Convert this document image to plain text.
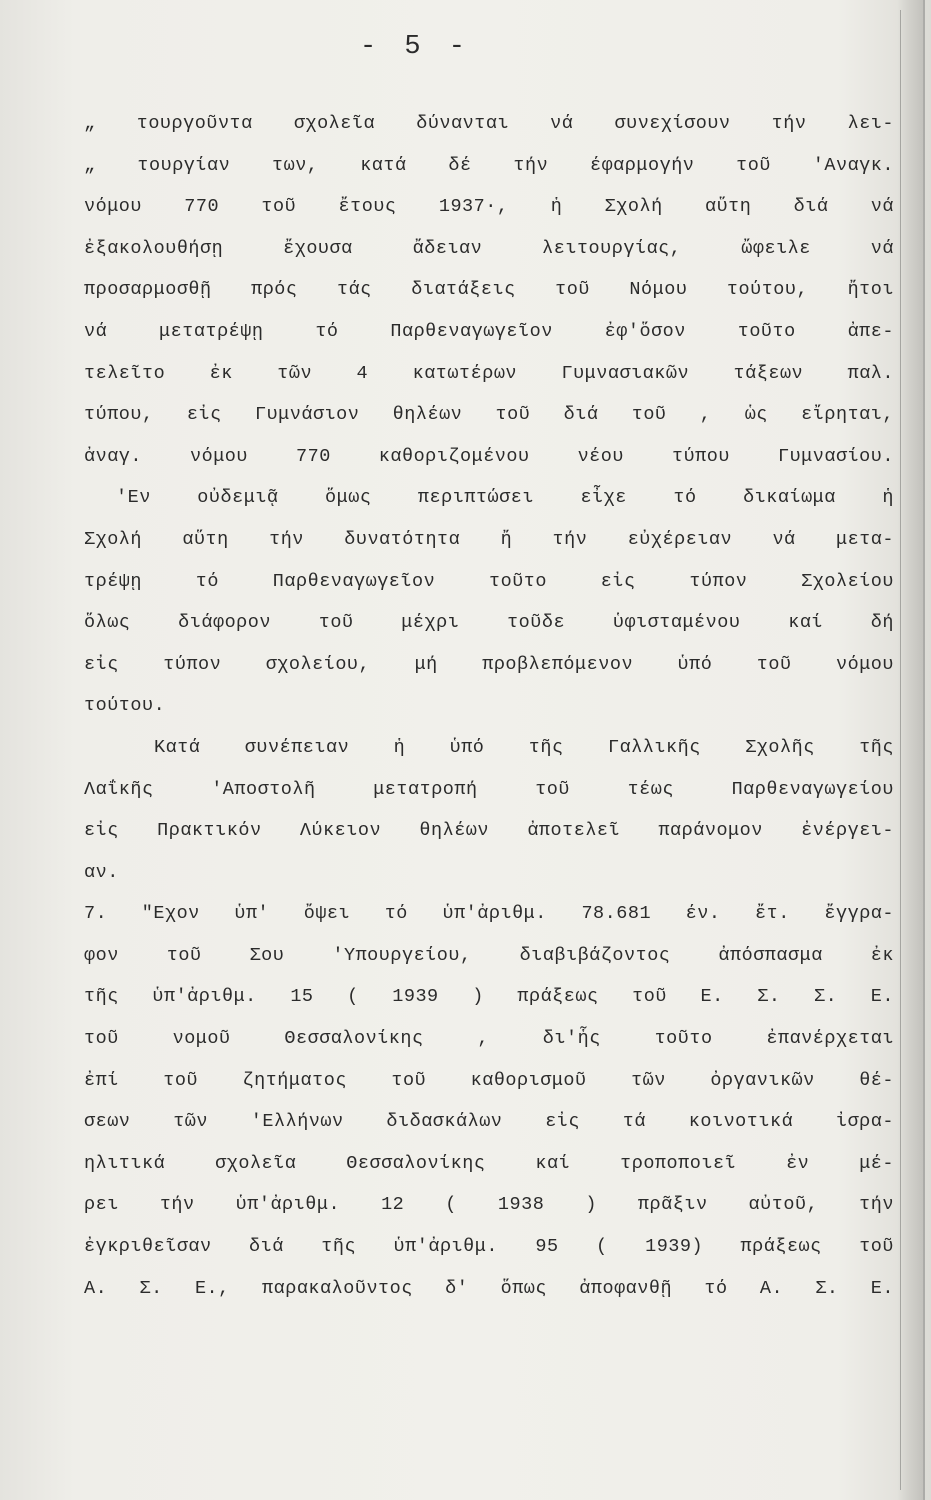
- 5 -
„ τουργοῦντα σχολεῖα δύνανται νά συνεχίσουν τήν λει-
„ τουργίαν των, κατά δέ τήν έφαρμογήν τοῦ 'Αναγκ.
νόμου 770 τοῦ ἔτους 1937·, ἡ Σχολή αὕτη διά νά
ἐξακολουθήσῃ ἔχουσα ἄδειαν λειτουργίας, ὤφειλε νά
προσαρμοσθῇ πρός τάς διατάξεις τοῦ Νόμου τούτου, ἤτοι
νά μετατρέψῃ τό Παρθεναγωγεῖον ἐφ'ὅσον τοῦτο ἀπε-
τελεῖτο ἐκ τῶν 4 κατωτέρων Γυμνασιακῶν τάξεων παλ.
τύπου, εἰς Γυμνάσιον θηλέων τοῦ διά τοῦ , ὡς εἴρηται,
ἀναγ. νόμου 770 καθοριζομένου νέου τύπου Γυμνασίου.
'Εν οὐδεμιᾷ ὅμως περιπτώσει εἶχε τό δικαίωμα ἡ
Σχολή αὕτη τήν δυνατότητα ἤ τήν εὐχέρειαν νά μετα-
τρέψῃ τό Παρθεναγωγεῖον τοῦτο εἰς τύπον Σχολείου
ὅλως διάφορον τοῦ μέχρι τοῦδε ὑφισταμένου καί δή
εἰς τύπον σχολείου, μή προβλεπόμενον ὑπό τοῦ νόμου
τούτου.
Κατά συνέπειαν ἡ ὑπό τῆς Γαλλικῆς Σχολῆς τῆς
Λαΐκῆς 'Αποστολῆ μετατροπή τοῦ τέως Παρθεναγωγείου
εἰς Πρακτικόν Λύκειον θηλέων ἀποτελεῖ παράνομον ἐνέργει-
αν.
7. "Εχον ὑπ' ὄψει τό ὑπ'ἀριθμ. 78.681 έν. ἔτ. ἔγγρα-
φον τοῦ Σου 'Υπουργείου, διαβιβάζοντος ἀπόσπασμα ἐκ
τῆς ὑπ'ἀριθμ. 15 ( 1939 ) πράξεως τοῦ Ε. Σ. Σ. Ε.
τοῦ νομοῦ Θεσσαλονίκης , δι'ἧς τοῦτο ἐπανέρχεται
ἐπί τοῦ ζητήματος τοῦ καθορισμοῦ τῶν ὀργανικῶν θέ-
σεων τῶν 'Ελλήνων διδασκάλων εἰς τά κοινοτικά ἰσρα-
ηλιτικά σχολεῖα Θεσσαλονίκης καί τροποποιεῖ ἐν μέ-
ρει τήν ὑπ'ἀριθμ. 12 ( 1938 ) πρᾶξιν αὐτοῦ, τήν
ἐγκριθεῖσαν διά τῆς ὑπ'ἀριθμ. 95 ( 1939) πράξεως τοῦ
Α. Σ. Ε., παρακαλοῦντος δ' ὅπως ἀποφανθῇ τό Α. Σ. Ε.
